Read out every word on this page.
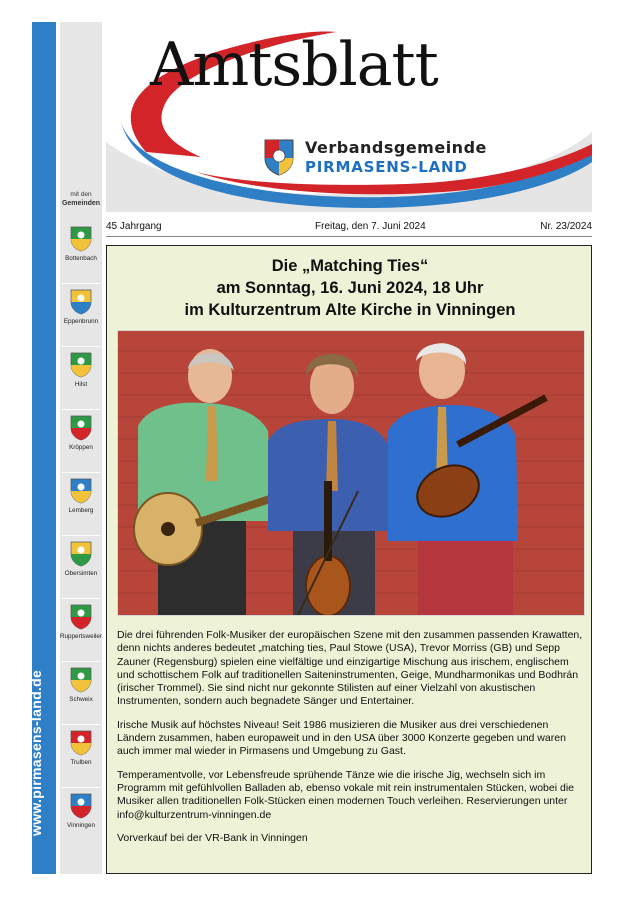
www.pirmasens-land.de
mit den
Gemeinden
Bottenbach
Eppenbrunn
Hilst
Kröppen
Lemberg
Obersimten
Ruppertsweiler
Schweix
Trulben
Vinningen
Amtsblatt
Verbandsgemeinde
PIRMASENS-LAND
45 Jahrgang	Freitag, den 7. Juni 2024	Nr. 23/2024
Die „Matching Ties“
am Sonntag, 16. Juni 2024, 18 Uhr
im Kulturzentrum Alte Kirche in Vinningen

Die drei führenden Folk-Musiker der europäischen Szene mit den zusammen passenden Krawatten, denn nichts anderes bedeutet „matching ties, Paul Stowe (USA), Trevor Morriss (GB) und Sepp Zauner (Regensburg) spielen eine vielfältige und einzigartige Mischung aus irischem, englischem und schottischem Folk auf traditionellen Saiteninstrumenten, Geige, Mundharmonikas und Bodhrán (irischer Trommel). Sie sind nicht nur gekonnte Stilisten auf einer Vielzahl von akustischen Instrumenten, sondern auch begnadete Sänger und Entertainer.

Irische Musik auf höchstes Niveau! Seit 1986 musizieren die Musiker aus drei verschiedenen Ländern zusammen, haben europaweit und in den USA über 3000 Konzerte gegeben und waren auch immer mal wieder in Pirmasens und Umgebung zu Gast.

Temperamentvolle, vor Lebensfreude sprühende Tänze wie die irische Jig, wechseln sich im Programm mit gefühlvollen Balladen ab, ebenso vokale mit rein instrumentalen Stücken, wobei die Musiker allen traditionellen Folk-Stücken einen modernen Touch verleihen. Reservierungen unter info@kulturzentrum-vinningen.de

Vorverkauf bei der VR-Bank in Vinningen
